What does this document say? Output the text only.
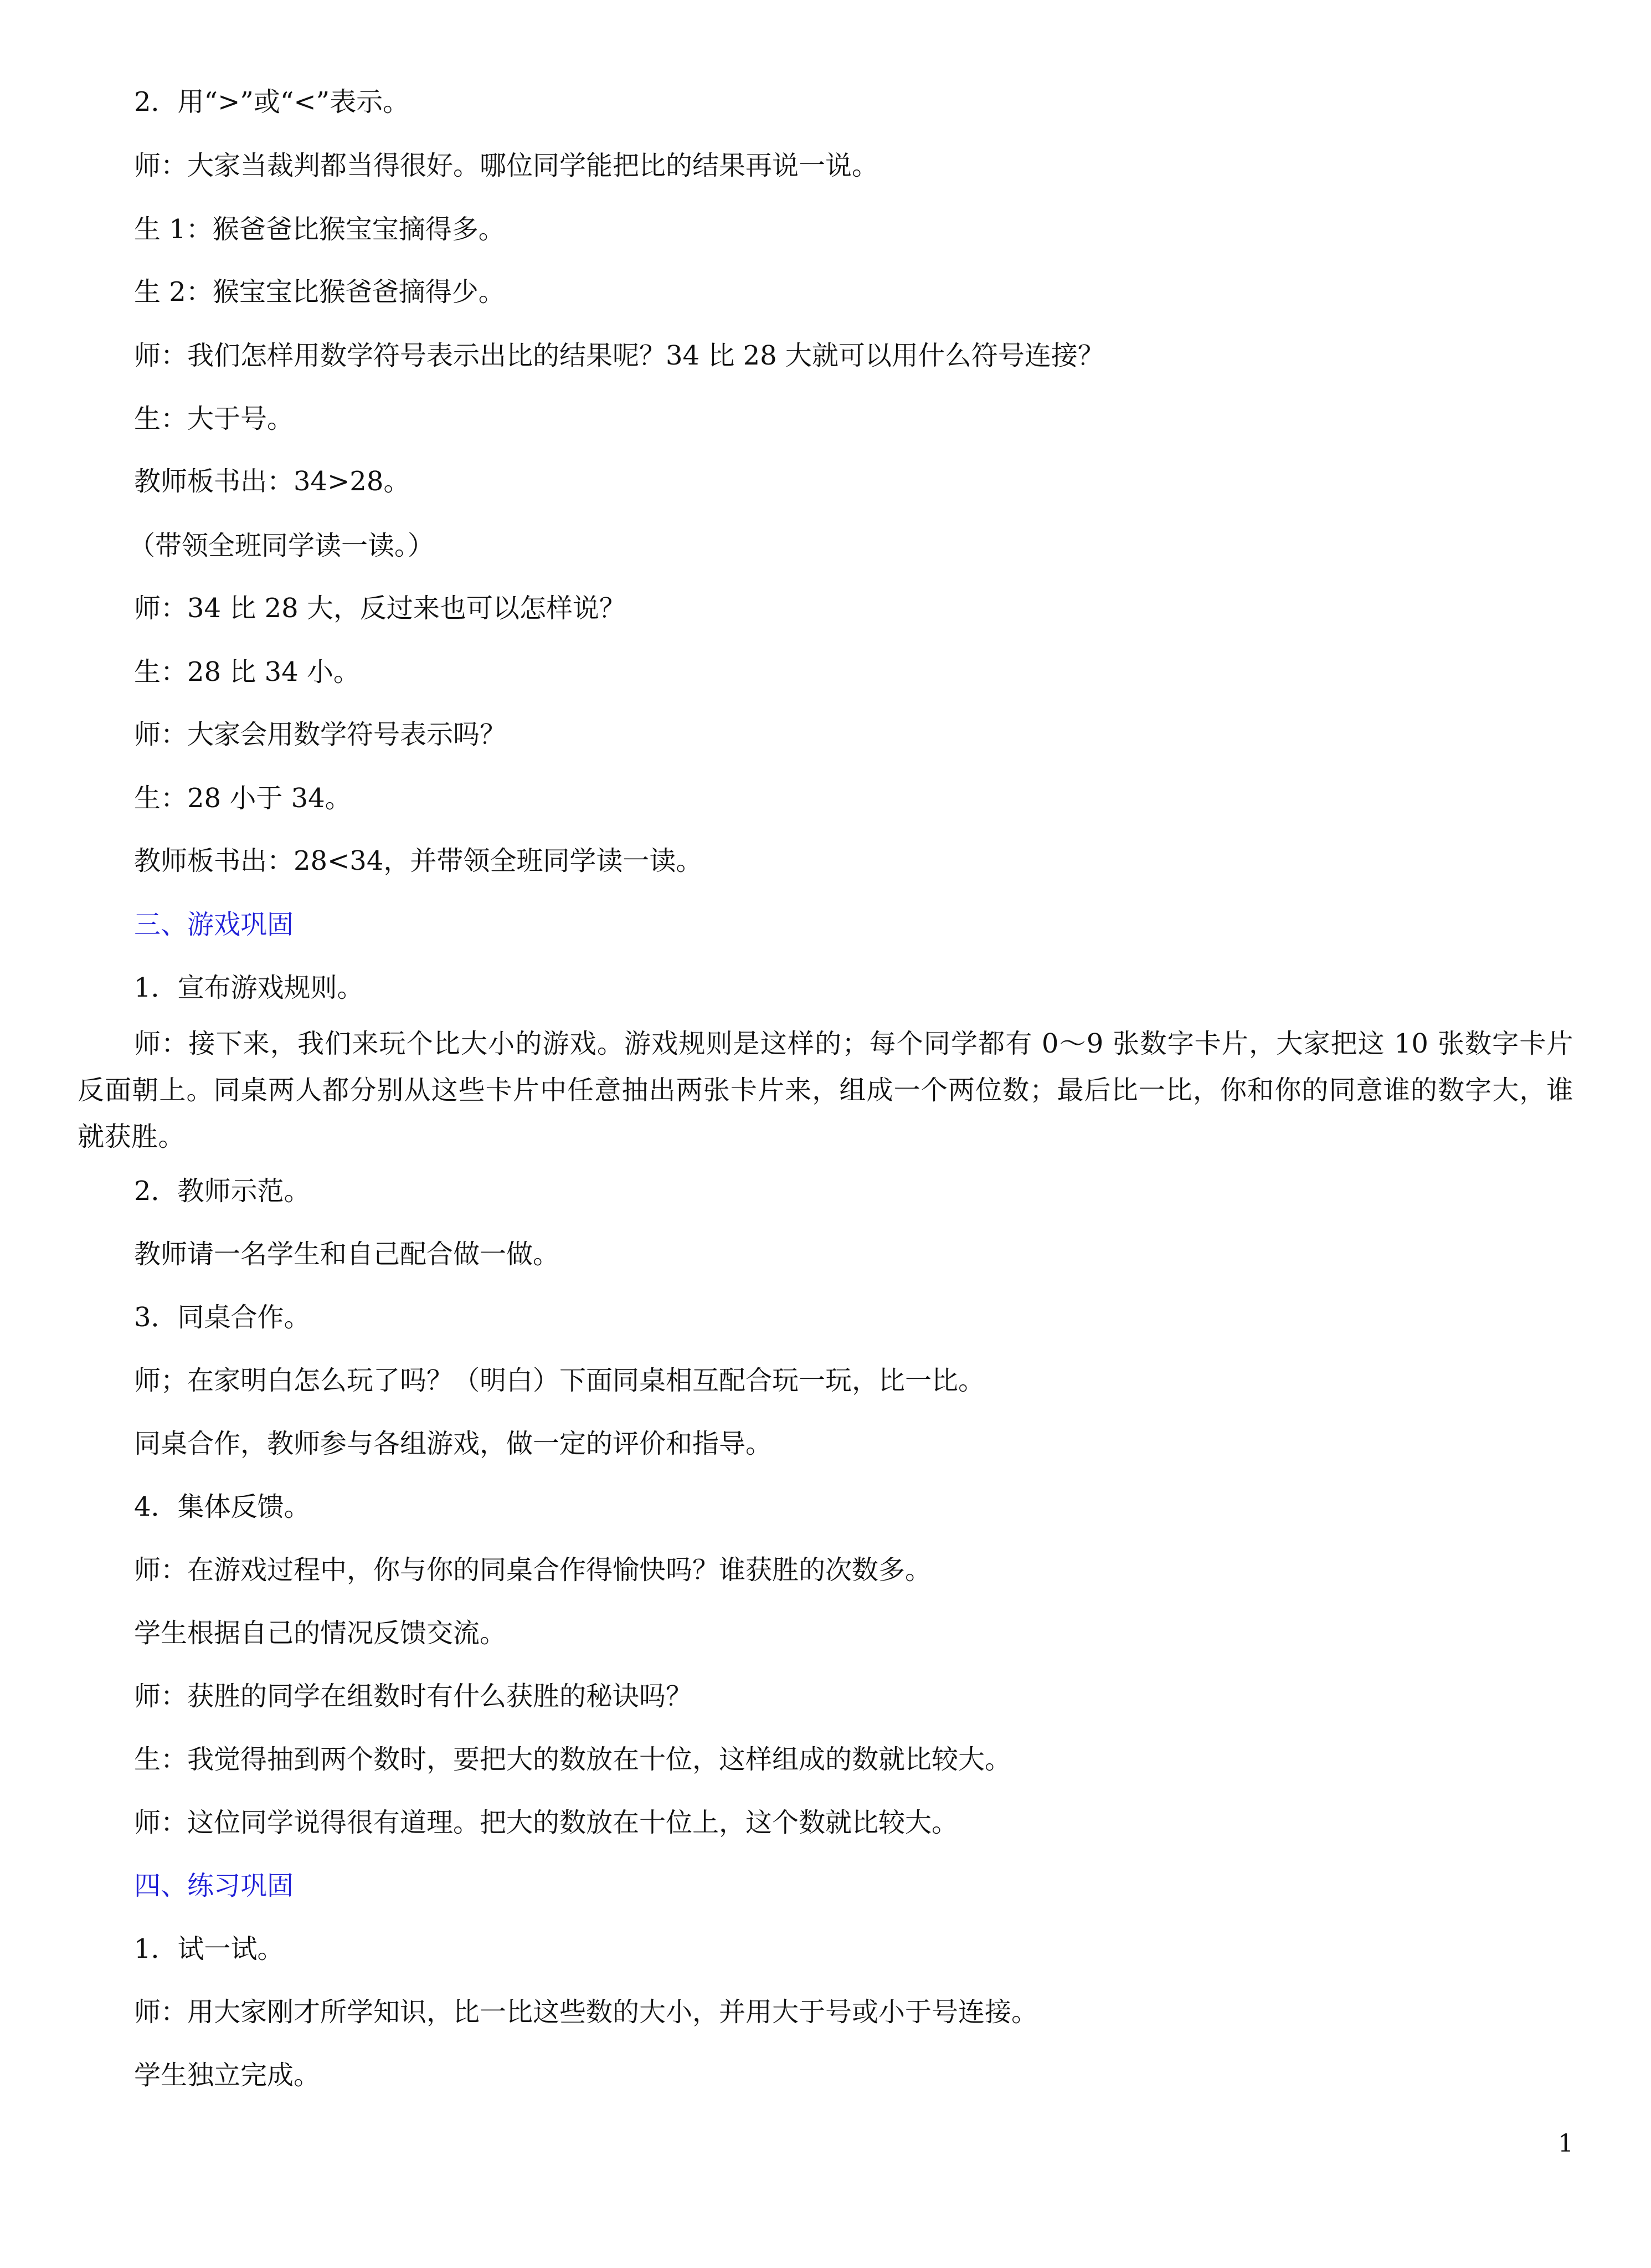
2．用“>”或“<”表示。

师：大家当裁判都当得很好。哪位同学能把比的结果再说一说。

生 1：猴爸爸比猴宝宝摘得多。

生 2：猴宝宝比猴爸爸摘得少。

师：我们怎样用数学符号表示出比的结果呢？34 比 28 大就可以用什么符号连接？

生：大于号。

教师板书出：34>28。

（带领全班同学读一读。）

师：34 比 28 大，反过来也可以怎样说？

生：28 比 34 小。

师：大家会用数学符号表示吗？

生：28 小于 34。

教师板书出：28<34，并带领全班同学读一读。

三、游戏巩固

1．宣布游戏规则。

师：接下来，我们来玩个比大小的游戏。游戏规则是这样的；每个同学都有 0～9 张数字卡片，大家把这 10 张数字卡片反面朝上。同桌两人都分别从这些卡片中任意抽出两张卡片来，组成一个两位数；最后比一比，你和你的同意谁的数字大，谁就获胜。

2．教师示范。

教师请一名学生和自己配合做一做。

3．同桌合作。

师；在家明白怎么玩了吗？（明白）下面同桌相互配合玩一玩，比一比。

同桌合作，教师参与各组游戏，做一定的评价和指导。

4．集体反馈。

师：在游戏过程中，你与你的同桌合作得愉快吗？谁获胜的次数多。

学生根据自己的情况反馈交流。

师：获胜的同学在组数时有什么获胜的秘诀吗？

生：我觉得抽到两个数时，要把大的数放在十位，这样组成的数就比较大。

师：这位同学说得很有道理。把大的数放在十位上，这个数就比较大。

四、练习巩固

1．试一试。

师：用大家刚才所学知识，比一比这些数的大小，并用大于号或小于号连接。

学生独立完成。

1
